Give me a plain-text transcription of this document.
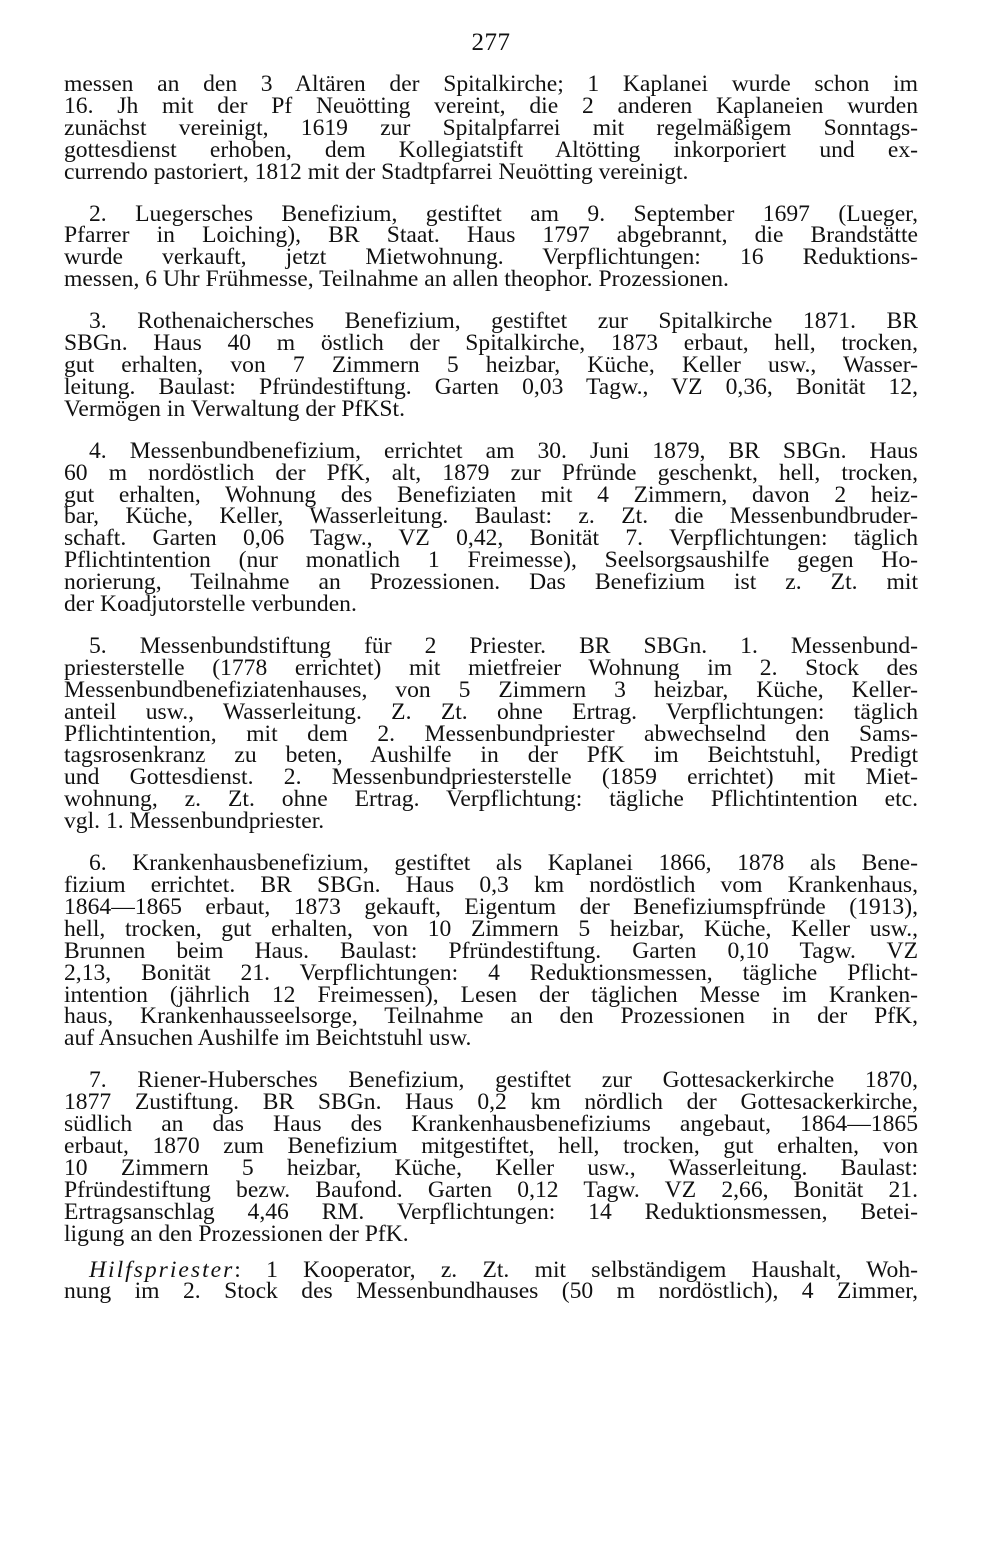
277
messen an den 3 Altären der Spitalkirche; 1 Kaplanei wurde schon im
16. Jh mit der Pf Neuötting vereint, die 2 anderen Kaplaneien wurden
zunächst vereinigt, 1619 zur Spitalpfarrei mit regelmäßigem Sonntags-
gottesdienst erhoben, dem Kollegiatstift Altötting inkorporiert und ex-
currendo pastoriert, 1812 mit der Stadtpfarrei Neuötting vereinigt.
2. Luegersches Benefizium, gestiftet am 9. September 1697 (Lueger,
Pfarrer in Loiching), BR Staat. Haus 1797 abgebrannt, die Brandstätte
wurde verkauft, jetzt Mietwohnung. Verpflichtungen: 16 Reduktions-
messen, 6 Uhr Frühmesse, Teilnahme an allen theophor. Prozessionen.
3. Rothenaichersches Benefizium, gestiftet zur Spitalkirche 1871. BR
SBGn. Haus 40 m östlich der Spitalkirche, 1873 erbaut, hell, trocken,
gut erhalten, von 7 Zimmern 5 heizbar, Küche, Keller usw., Wasser-
leitung. Baulast: Pfründestiftung. Garten 0,03 Tagw., VZ 0,36, Bonität 12,
Vermögen in Verwaltung der PfKSt.
4. Messenbundbenefizium, errichtet am 30. Juni 1879, BR SBGn. Haus
60 m nordöstlich der PfK, alt, 1879 zur Pfründe geschenkt, hell, trocken,
gut erhalten, Wohnung des Benefiziaten mit 4 Zimmern, davon 2 heiz-
bar, Küche, Keller, Wasserleitung. Baulast: z. Zt. die Messenbundbruder-
schaft. Garten 0,06 Tagw., VZ 0,42, Bonität 7. Verpflichtungen: täglich
Pflichtintention (nur monatlich 1 Freimesse), Seelsorgsaushilfe gegen Ho-
norierung, Teilnahme an Prozessionen. Das Benefizium ist z. Zt. mit
der Koadjutorstelle verbunden.
5. Messenbundstiftung für 2 Priester. BR SBGn. 1. Messenbund-
priesterstelle (1778 errichtet) mit mietfreier Wohnung im 2. Stock des
Messenbundbenefiziatenhauses, von 5 Zimmern 3 heizbar, Küche, Keller-
anteil usw., Wasserleitung. Z. Zt. ohne Ertrag. Verpflichtungen: täglich
Pflichtintention, mit dem 2. Messenbundpriester abwechselnd den Sams-
tagsrosenkranz zu beten, Aushilfe in der PfK im Beichtstuhl, Predigt
und Gottesdienst. 2. Messenbundpriesterstelle (1859 errichtet) mit Miet-
wohnung, z. Zt. ohne Ertrag. Verpflichtung: tägliche Pflichtintention etc.
vgl. 1. Messenbundpriester.
6. Krankenhausbenefizium, gestiftet als Kaplanei 1866, 1878 als Bene-
fizium errichtet. BR SBGn. Haus 0,3 km nordöstlich vom Krankenhaus,
1864—1865 erbaut, 1873 gekauft, Eigentum der Benefiziumspfründe (1913),
hell, trocken, gut erhalten, von 10 Zimmern 5 heizbar, Küche, Keller usw.,
Brunnen beim Haus. Baulast: Pfründestiftung. Garten 0,10 Tagw. VZ
2,13, Bonität 21. Verpflichtungen: 4 Reduktionsmessen, tägliche Pflicht-
intention (jährlich 12 Freimessen), Lesen der täglichen Messe im Kranken-
haus, Krankenhausseelsorge, Teilnahme an den Prozessionen in der PfK,
auf Ansuchen Aushilfe im Beichtstuhl usw.
7. Riener-Hubersches Benefizium, gestiftet zur Gottesackerkirche 1870,
1877 Zustiftung. BR SBGn. Haus 0,2 km nördlich der Gottesackerkirche,
südlich an das Haus des Krankenhausbenefiziums angebaut, 1864—1865
erbaut, 1870 zum Benefizium mitgestiftet, hell, trocken, gut erhalten, von
10 Zimmern 5 heizbar, Küche, Keller usw., Wasserleitung. Baulast:
Pfründestiftung bezw. Baufond. Garten 0,12 Tagw. VZ 2,66, Bonität 21.
Ertragsanschlag 4,46 RM. Verpflichtungen: 14 Reduktionsmessen, Betei-
ligung an den Prozessionen der PfK.
Hilfspriester: 1 Kooperator, z. Zt. mit selbständigem Haushalt, Woh-
nung im 2. Stock des Messenbundhauses (50 m nordöstlich), 4 Zimmer,
